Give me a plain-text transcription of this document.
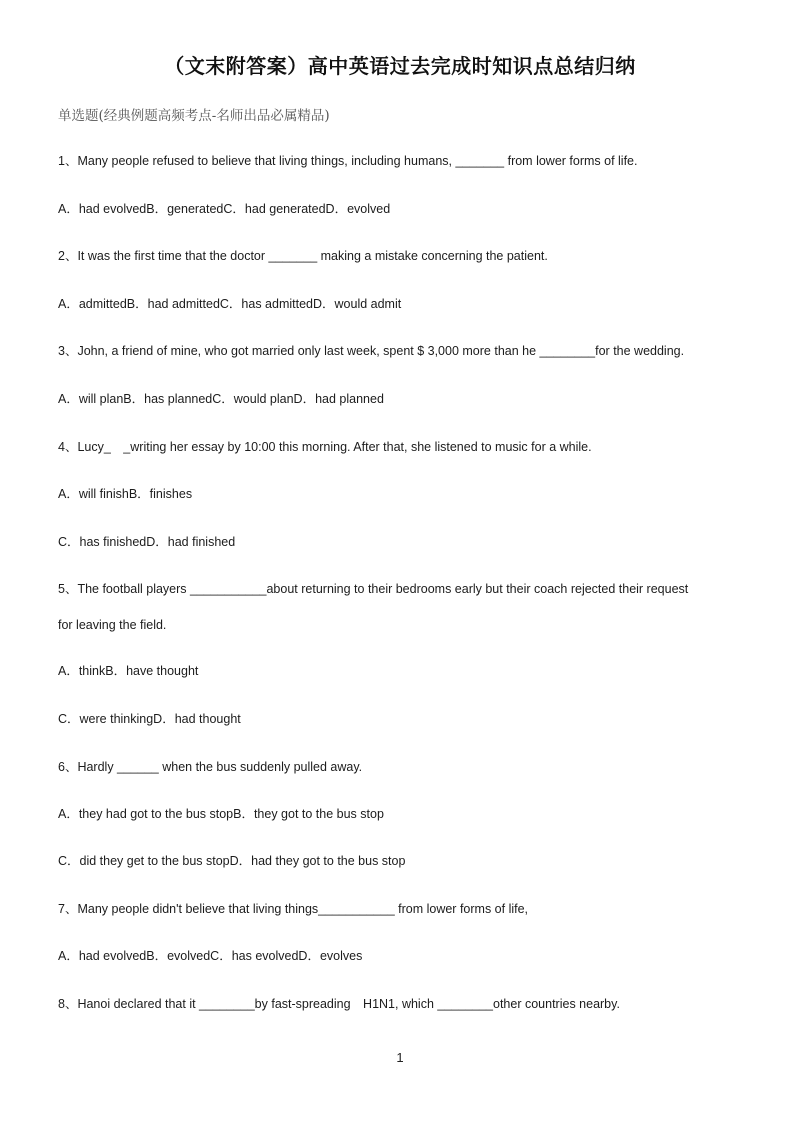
（文末附答案）高中英语过去完成时知识点总结归纳
单选题(经典例题高频考点-名师出品必属精品)
1、Many people refused to believe that living things, including humans, _______ from lower forms of life.
A．had evolvedB．generatedC．had generatedD．evolved
2、It was the first time that the doctor _______ making a mistake concerning the patient.
A．admittedB．had admittedC．has admittedD．would admit
3、John, a friend of mine, who got married only last week, spent $ 3,000 more than he ________for the wedding.
A．will planB．has plannedC．would planD．had planned
4、Lucy_　_writing her essay by 10:00 this morning. After that, she listened to music for a while.
A．will finishB．finishes
C．has finishedD．had finished
5、The football players ___________about returning to their bedrooms early but their coach rejected their request
for leaving the field.
A．thinkB．have thought
C．were thinkingD．had thought
6、Hardly ______ when the bus suddenly pulled away.
A．they had got to the bus stopB．they got to the bus stop
C．did they get to the bus stopD．had they got to the bus stop
7、Many people didn't believe that living things___________ from lower forms of life,
A．had evolvedB．evolvedC．has evolvedD．evolves
8、Hanoi declared that it ________by fast-spreading　H1N1, which ________other countries nearby.
1
